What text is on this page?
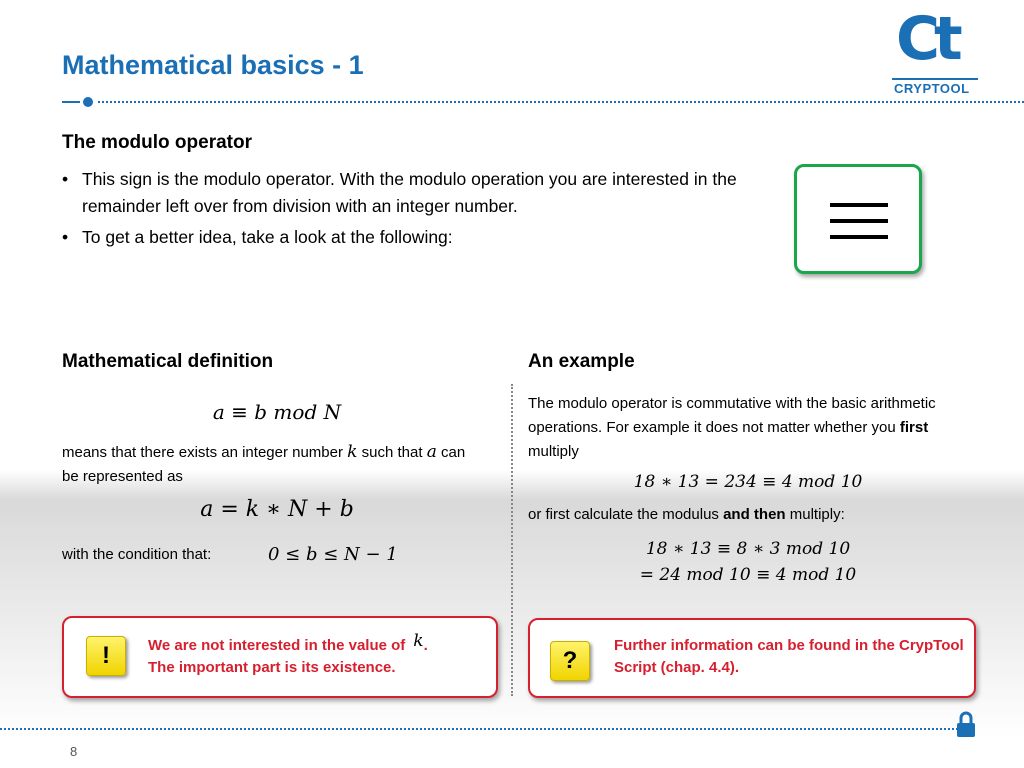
Mathematical basics - 1	Ct
CRYPTOOL
The modulo operator
• This sign is the modulo operator. With the modulo operation you are interested in the remainder left over from division with an integer number.
• To get a better idea, take a look at the following:
Mathematical definition	An example
a ≡ b mod N
means that there exists an integer number k such that a can be represented as
a = k ∗ N + b
with the condition that:	0 ≤ b ≤ N − 1
The modulo operator is commutative with the basic arithmetic operations. For example it does not matter whether you first multiply
18 ∗ 13 = 234 ≡ 4 mod 10
or first calculate the modulus and then multiply:
18 ∗ 13 ≡ 8 ∗ 3 mod 10
= 24 mod 10 ≡ 4 mod 10
!	We are not interested in the value of k.
The important part is its existence.	?
Further information can be found in the CrypTool Script (chap. 4.4).
8
